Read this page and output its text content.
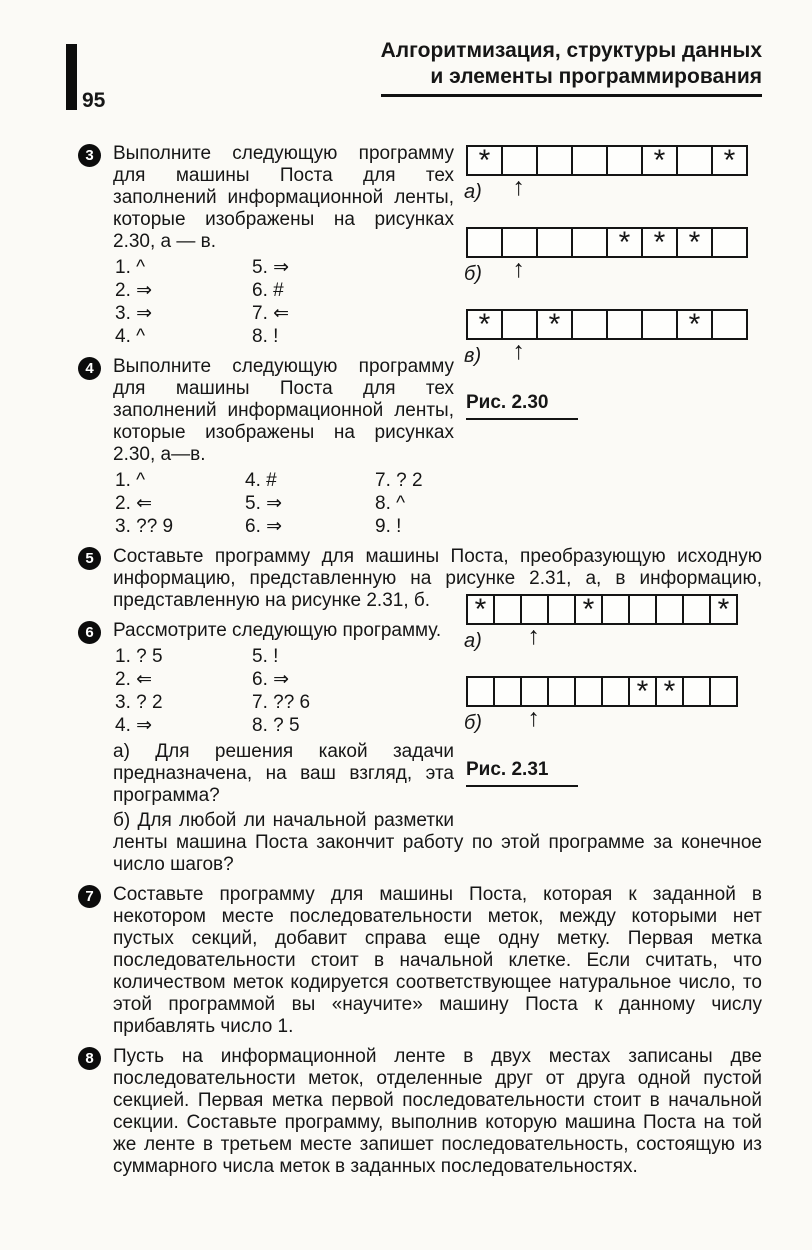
95
Алгоритмизация, структуры данных
и элементы программирования
3	*	*	*
а) ↑
* * *
б) ↑
*	*	*
в) ↑
Рис. 2.30
Выполните следующую программу для машины Поста для тех заполнений информационной ленты, которые изображены на рисунках 2.30, а — в.
1. ^
2. ⇒
3. ⇒
4. ^
5. ⇒
6. #
7. ⇐
8. !
4	Выполните следующую программу для машины Поста для тех заполнений информационной ленты, которые изображены на рисунках 2.30, а—в.
1. ^
2. ⇐
3. ?? 9
4. #
5. ⇒
6. ⇒
7. ? 2
8. ^
9. !
5	Составьте программу для машины Поста, преобразующую исходную информацию, представленную на рисунке 2.31, а, в
*	*	*
а) ↑
* *
б) ↑
Рис. 2.31
информацию, представленную на рисунке 2.31, б.
6	Рассмотрите следующую программу.
1. ? 5
2. ⇐
3. ? 2
4. ⇒
5. !
6. ⇒
7. ?? 6
8. ? 5
а) Для решения какой задачи предназначена, на ваш взгляд, эта программа?
б) Для любой ли начальной разметки ленты машина Поста закончит работу по этой программе за конечное число шагов?
7	Составьте программу для машины Поста, которая к заданной в некотором месте последовательности меток, между которыми нет пустых секций, добавит справа еще одну метку. Первая метка последовательности стоит в начальной клетке. Если считать, что количеством меток кодируется соответствующее натуральное число, то этой программой вы «научите» машину Поста к данному числу прибавлять число 1.
8	Пусть на информационной ленте в двух местах записаны две последовательности меток, отделенные друг от друга одной пустой секцией. Первая метка первой последовательности стоит в начальной секции. Составьте программу, выполнив которую машина Поста на той же ленте в третьем месте запишет последовательность, состоящую из суммарного числа меток в заданных последовательностях.
